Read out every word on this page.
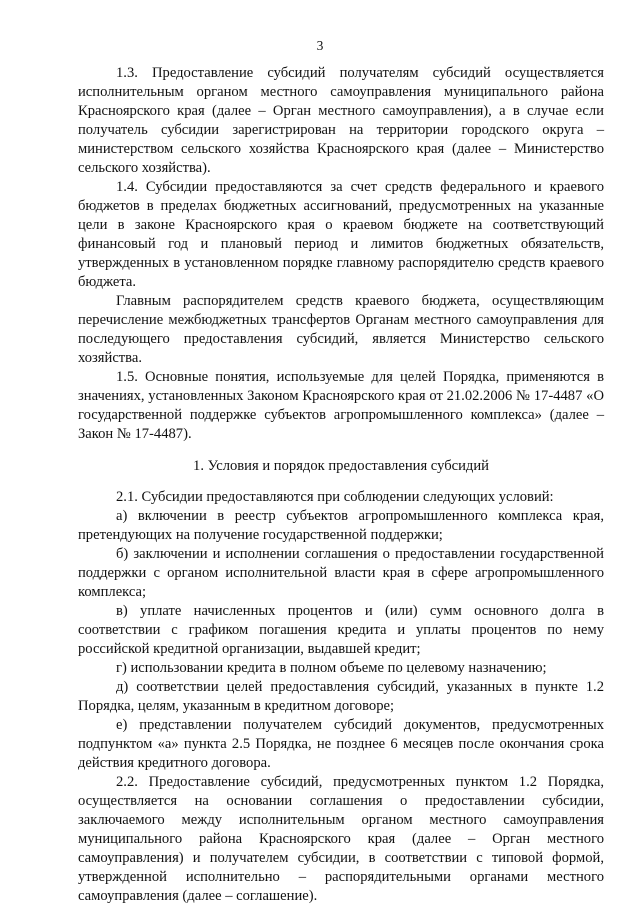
3

1.3. Предоставление субсидий получателям субсидий осуществляется исполнительным органом местного самоуправления муниципального района Красноярского края (далее – Орган местного самоуправления), а в случае если получатель субсидии зарегистрирован на территории городского округа – министерством сельского хозяйства Красноярского края (далее – Министерство сельского хозяйства).

1.4. Субсидии предоставляются за счет средств федерального и краевого бюджетов в пределах бюджетных ассигнований, предусмотренных на указанные цели в законе Красноярского края о краевом бюджете на соответствующий финансовый год и плановый период и лимитов бюджетных обязательств, утвержденных в установленном порядке главному распорядителю средств краевого бюджета.

Главным распорядителем средств краевого бюджета, осуществляющим перечисление межбюджетных трансфертов Органам местного самоуправления для последующего предоставления субсидий, является Министерство сельского хозяйства.

1.5. Основные понятия, используемые для целей Порядка, применяются в значениях, установленных Законом Красноярского края от 21.02.2006 № 17-4487 «О государственной поддержке субъектов агропромышленного комплекса» (далее – Закон № 17-4487).

1. Условия и порядок предоставления субсидий

2.1. Субсидии предоставляются при соблюдении следующих условий:

а) включении в реестр субъектов агропромышленного комплекса края, претендующих на получение государственной поддержки;

б) заключении и исполнении соглашения о предоставлении государственной поддержки с органом исполнительной власти края в сфере агропромышленного комплекса;

в) уплате начисленных процентов и (или) сумм основного долга в соответствии с графиком погашения кредита и уплаты процентов по нему российской кредитной организации, выдавшей кредит;

г) использовании кредита в полном объеме по целевому назначению;

д) соответствии целей предоставления субсидий, указанных в пункте 1.2 Порядка, целям, указанным в кредитном договоре;

е) представлении получателем субсидий документов, предусмотренных подпунктом «а» пункта 2.5 Порядка, не позднее 6 месяцев после окончания срока действия кредитного договора.

2.2. Предоставление субсидий, предусмотренных пунктом 1.2 Порядка, осуществляется на основании соглашения о предоставлении субсидии, заключаемого между исполнительным органом местного самоуправления муниципального района Красноярского края (далее – Орган местного самоуправления) и получателем субсидии, в соответствии с типовой формой, утвержденной исполнительно – распорядительными органами местного самоуправления (далее – соглашение).
